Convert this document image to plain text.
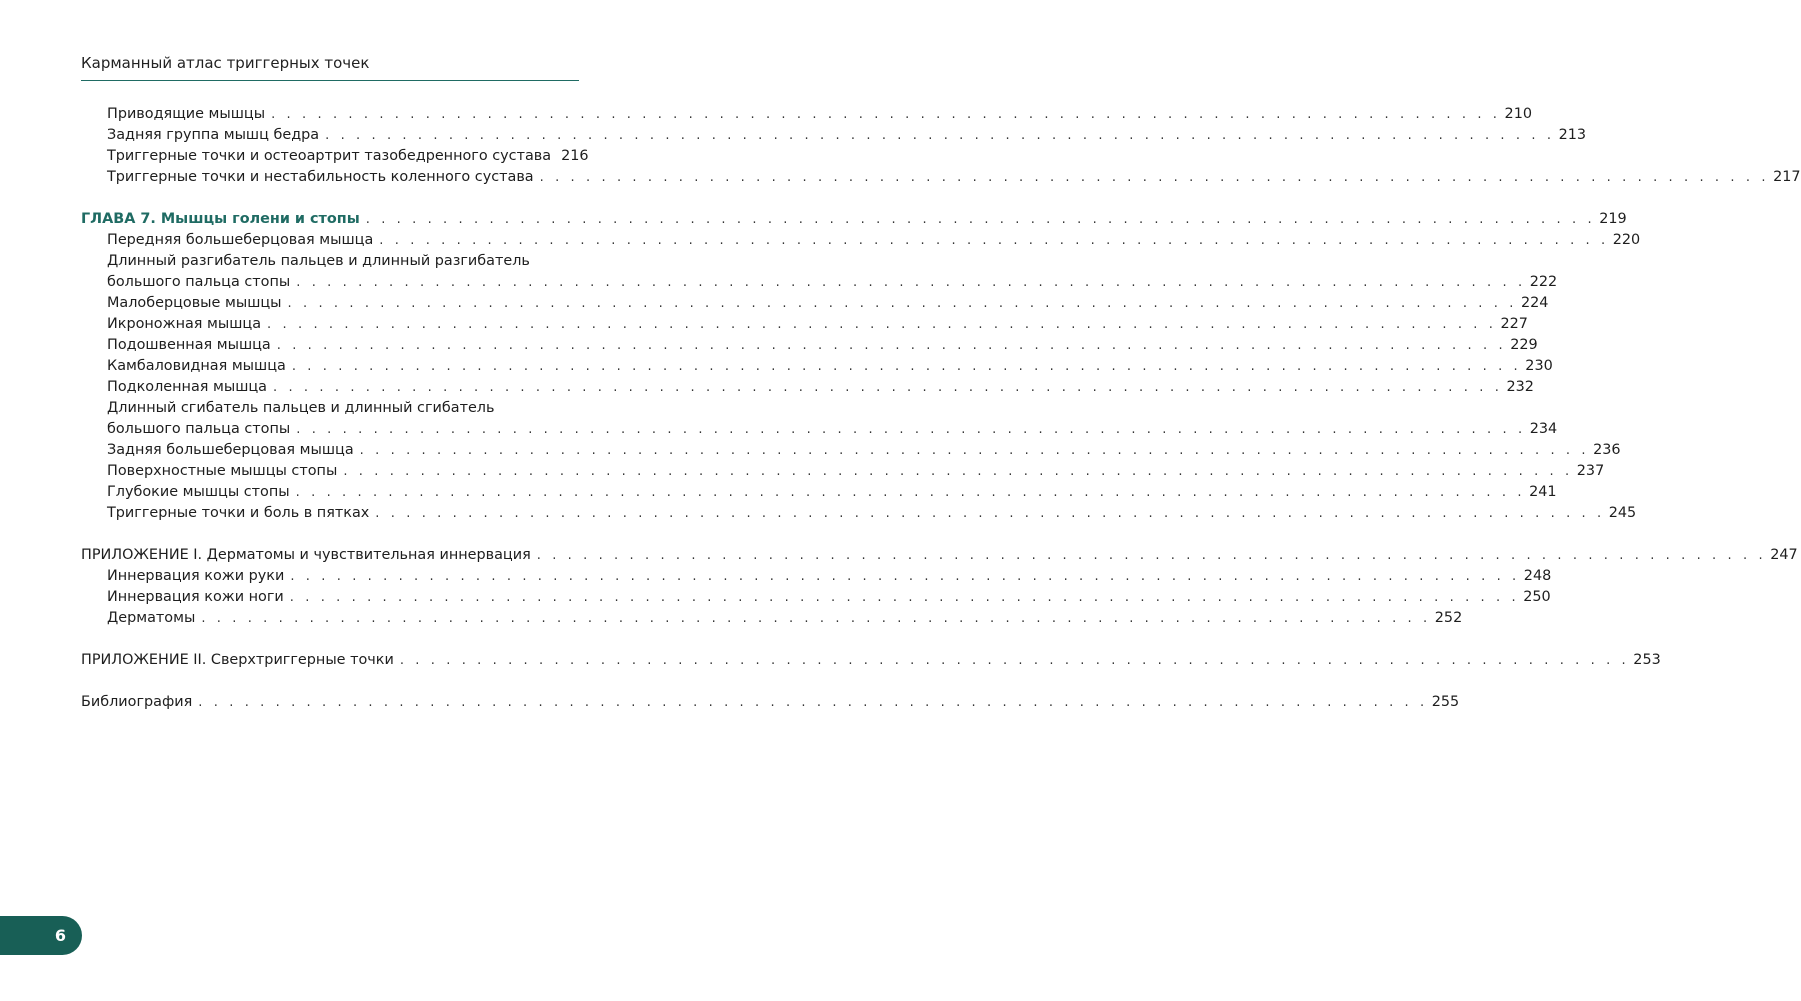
Карманный атлас триггерных точек
Приводящие мышцы . . . . . . . . . . . . . . . . . . . . . . . . . . . . . . . . . . . . . . . . . . . . . . . . . . . . . . . . . . . . . . . . . . . . . . . . . . . . . . . . 210
Задняя группа мышц бедра . . . . . . . . . . . . . . . . . . . . . . . . . . . . . . . . . . . . . . . . . . . . . . . . . . . . . . . . . . . . . . . . . . . . . . . . . . . . . . . . 213
Триггерные точки и остеоартрит тазобедренного сустава 216
Триггерные точки и нестабильность коленного сустава . . . . . . . . . . . . . . . . . . . . . . . . . . . . . . . . . . . . . . . . . . . . . . . . . . . . . . . . . . . . . . . . . . . . . . . . . . . . . . . . 217
ГЛАВА 7. Мышцы голени и стопы . . . . . . . . . . . . . . . . . . . . . . . . . . . . . . . . . . . . . . . . . . . . . . . . . . . . . . . . . . . . . . . . . . . . . . . . . . . . . . . . 219
Передняя большеберцовая мышца . . . . . . . . . . . . . . . . . . . . . . . . . . . . . . . . . . . . . . . . . . . . . . . . . . . . . . . . . . . . . . . . . . . . . . . . . . . . . . . . 220
Длинный разгибатель пальцев и длинный разгибатель
большого пальца стопы . . . . . . . . . . . . . . . . . . . . . . . . . . . . . . . . . . . . . . . . . . . . . . . . . . . . . . . . . . . . . . . . . . . . . . . . . . . . . . . . 222
Малоберцовые мышцы . . . . . . . . . . . . . . . . . . . . . . . . . . . . . . . . . . . . . . . . . . . . . . . . . . . . . . . . . . . . . . . . . . . . . . . . . . . . . . . . 224
Икроножная мышца . . . . . . . . . . . . . . . . . . . . . . . . . . . . . . . . . . . . . . . . . . . . . . . . . . . . . . . . . . . . . . . . . . . . . . . . . . . . . . . . 227
Подошвенная мышца . . . . . . . . . . . . . . . . . . . . . . . . . . . . . . . . . . . . . . . . . . . . . . . . . . . . . . . . . . . . . . . . . . . . . . . . . . . . . . . . 229
Камбаловидная мышца . . . . . . . . . . . . . . . . . . . . . . . . . . . . . . . . . . . . . . . . . . . . . . . . . . . . . . . . . . . . . . . . . . . . . . . . . . . . . . . . 230
Подколенная мышца . . . . . . . . . . . . . . . . . . . . . . . . . . . . . . . . . . . . . . . . . . . . . . . . . . . . . . . . . . . . . . . . . . . . . . . . . . . . . . . . 232
Длинный сгибатель пальцев и длинный сгибатель
большого пальца стопы . . . . . . . . . . . . . . . . . . . . . . . . . . . . . . . . . . . . . . . . . . . . . . . . . . . . . . . . . . . . . . . . . . . . . . . . . . . . . . . . 234
Задняя большеберцовая мышца . . . . . . . . . . . . . . . . . . . . . . . . . . . . . . . . . . . . . . . . . . . . . . . . . . . . . . . . . . . . . . . . . . . . . . . . . . . . . . . . 236
Поверхностные мышцы стопы . . . . . . . . . . . . . . . . . . . . . . . . . . . . . . . . . . . . . . . . . . . . . . . . . . . . . . . . . . . . . . . . . . . . . . . . . . . . . . . . 237
Глубокие мышцы стопы . . . . . . . . . . . . . . . . . . . . . . . . . . . . . . . . . . . . . . . . . . . . . . . . . . . . . . . . . . . . . . . . . . . . . . . . . . . . . . . . 241
Триггерные точки и боль в пятках . . . . . . . . . . . . . . . . . . . . . . . . . . . . . . . . . . . . . . . . . . . . . . . . . . . . . . . . . . . . . . . . . . . . . . . . . . . . . . . . 245
ПРИЛОЖЕНИЕ I. Дерматомы и чувствительная иннервация . . . . . . . . . . . . . . . . . . . . . . . . . . . . . . . . . . . . . . . . . . . . . . . . . . . . . . . . . . . . . . . . . . . . . . . . . . . . . . . . 247
Иннервация кожи руки . . . . . . . . . . . . . . . . . . . . . . . . . . . . . . . . . . . . . . . . . . . . . . . . . . . . . . . . . . . . . . . . . . . . . . . . . . . . . . . . 248
Иннервация кожи ноги . . . . . . . . . . . . . . . . . . . . . . . . . . . . . . . . . . . . . . . . . . . . . . . . . . . . . . . . . . . . . . . . . . . . . . . . . . . . . . . . 250
Дерматомы . . . . . . . . . . . . . . . . . . . . . . . . . . . . . . . . . . . . . . . . . . . . . . . . . . . . . . . . . . . . . . . . . . . . . . . . . . . . . . . . 252
ПРИЛОЖЕНИЕ II. Сверхтриггерные точки . . . . . . . . . . . . . . . . . . . . . . . . . . . . . . . . . . . . . . . . . . . . . . . . . . . . . . . . . . . . . . . . . . . . . . . . . . . . . . . . 253
Библиография . . . . . . . . . . . . . . . . . . . . . . . . . . . . . . . . . . . . . . . . . . . . . . . . . . . . . . . . . . . . . . . . . . . . . . . . . . . . . . . . 255
6
